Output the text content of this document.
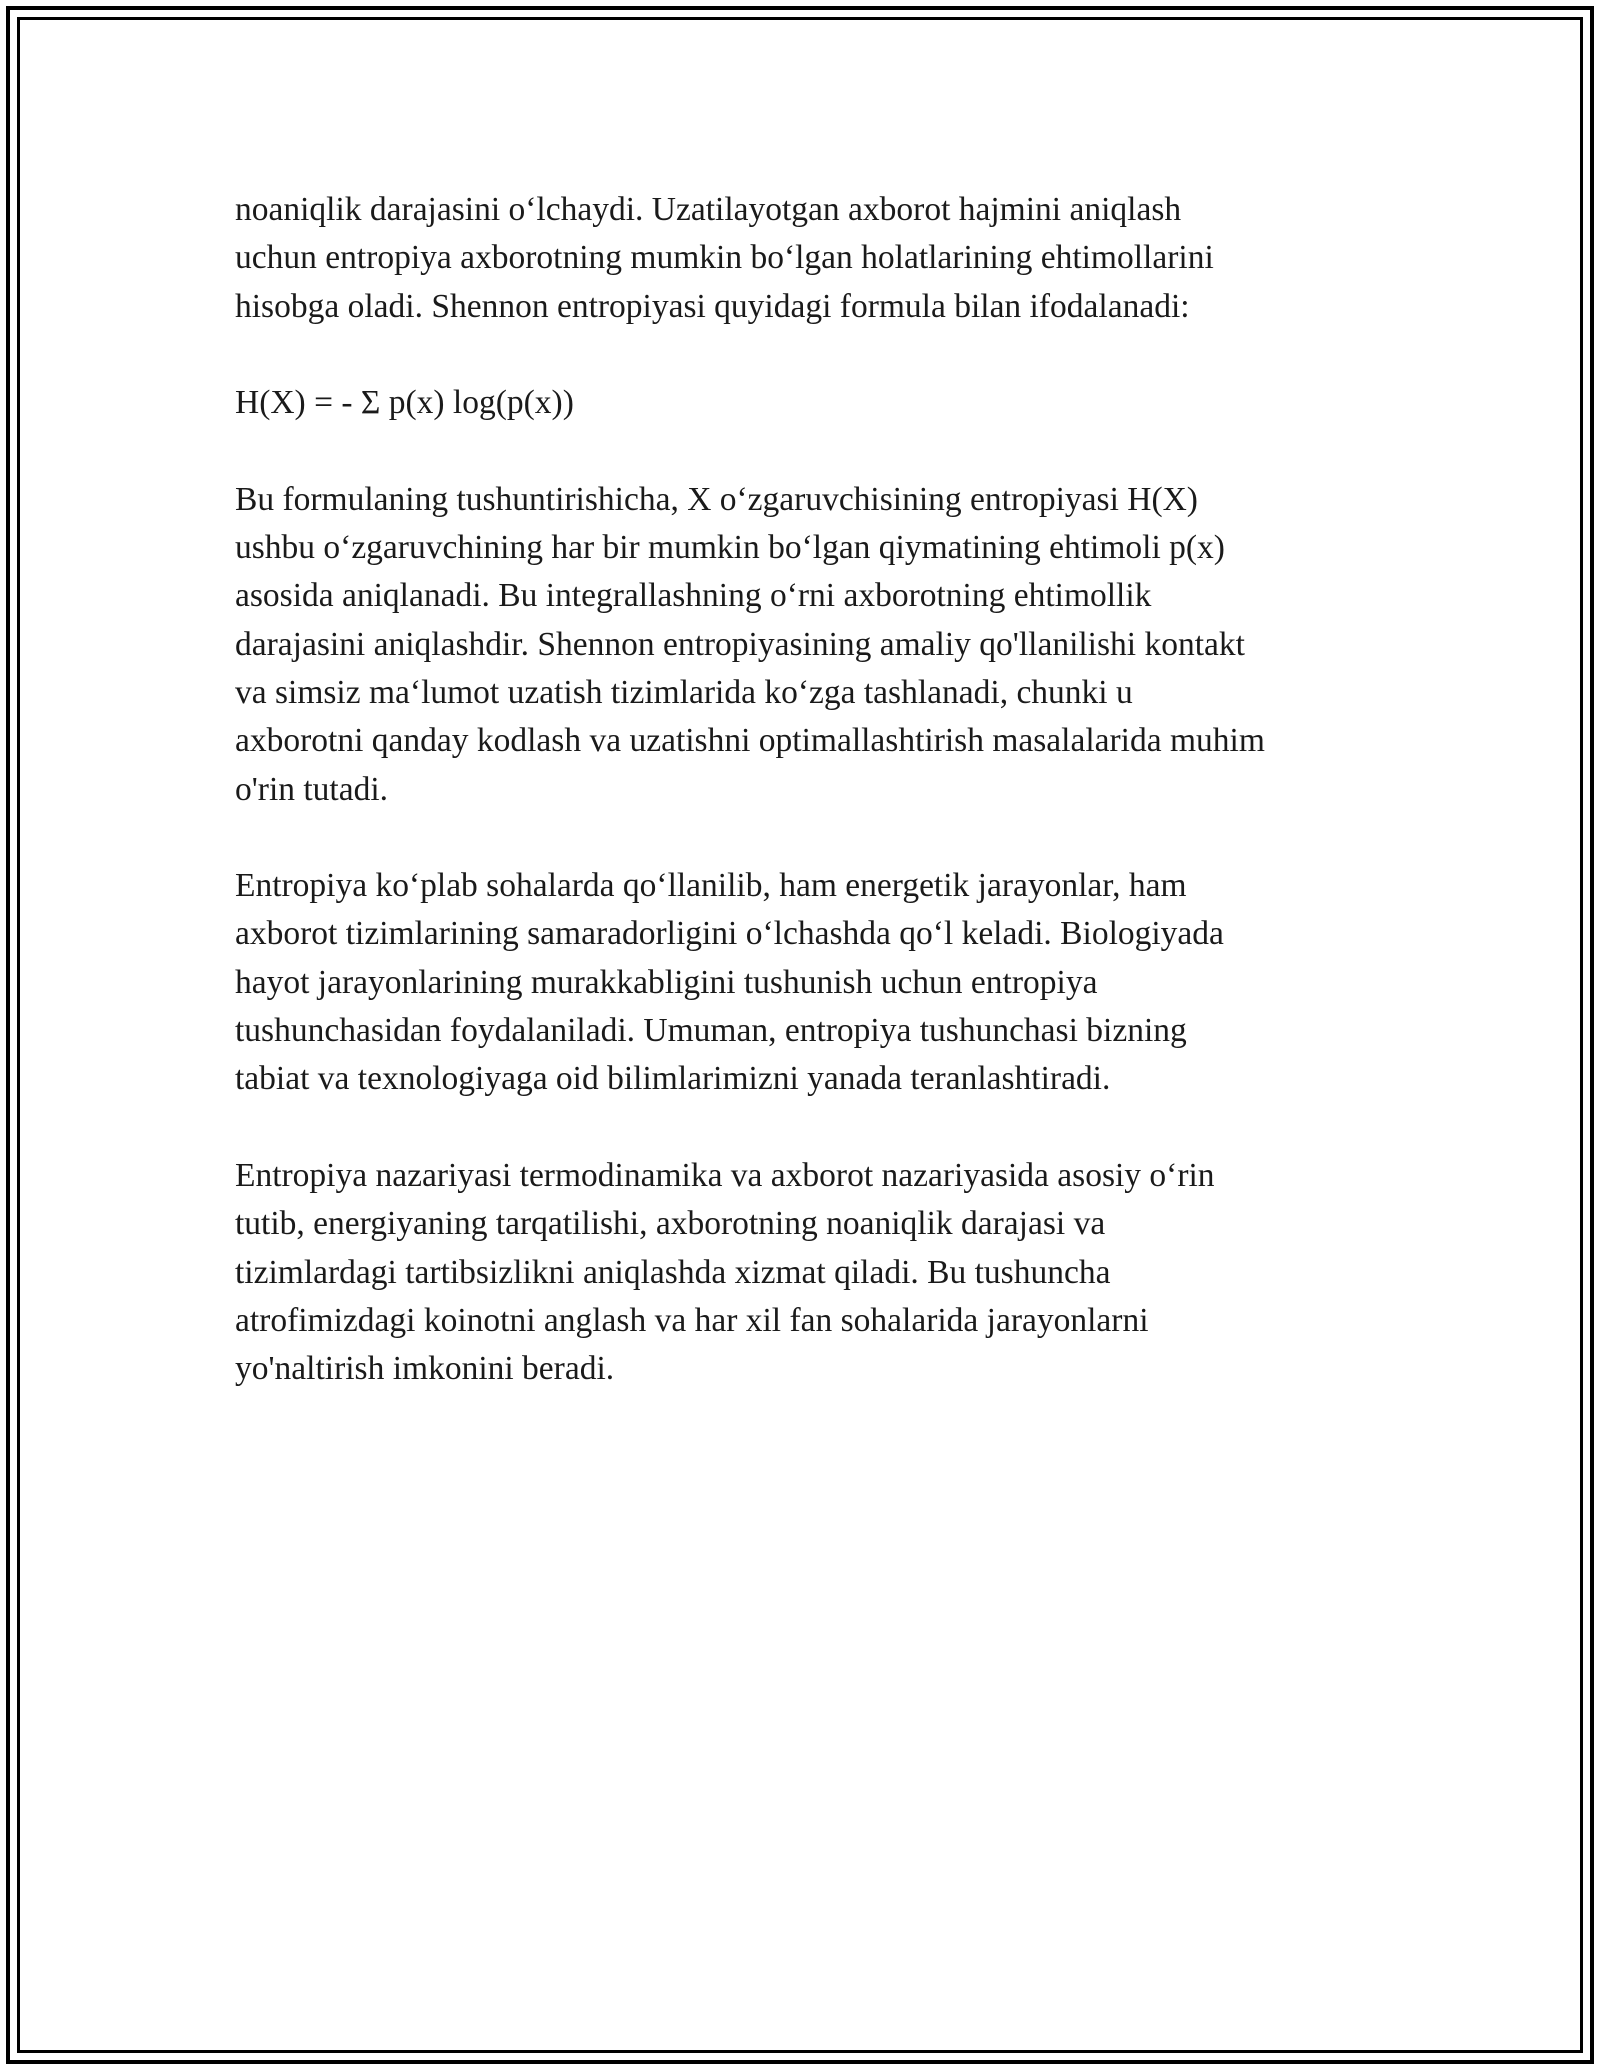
noaniqlik darajasini o‘lchaydi. Uzatilayotgan axborot hajmini aniqlash
uchun entropiya axborotning mumkin bo‘lgan holatlarining ehtimollarini
hisobga oladi. Shennon entropiyasi quyidagi formula bilan ifodalanadi:

H(X) = - Σ p(x) log(p(x))

Bu formulaning tushuntirishicha, X o‘zgaruvchisining entropiyasi H(X)
ushbu o‘zgaruvchining har bir mumkin bo‘lgan qiymatining ehtimoli p(x)
asosida aniqlanadi. Bu integrallashning o‘rni axborotning ehtimollik
darajasini aniqlashdir. Shennon entropiyasining amaliy qo'llanilishi kontakt
va simsiz ma‘lumot uzatish tizimlarida ko‘zga tashlanadi, chunki u
axborotni qanday kodlash va uzatishni optimallashtirish masalalarida muhim
o'rin tutadi.

Entropiya ko‘plab sohalarda qo‘llanilib, ham energetik jarayonlar, ham
axborot tizimlarining samaradorligini o‘lchashda qo‘l keladi. Biologiyada
hayot jarayonlarining murakkabligini tushunish uchun entropiya
tushunchasidan foydalaniladi. Umuman, entropiya tushunchasi bizning
tabiat va texnologiyaga oid bilimlarimizni yanada teranlashtiradi.

Entropiya nazariyasi termodinamika va axborot nazariyasida asosiy o‘rin
tutib, energiyaning tarqatilishi, axborotning noaniqlik darajasi va
tizimlardagi tartibsizlikni aniqlashda xizmat qiladi. Bu tushuncha
atrofimizdagi koinotni anglash va har xil fan sohalarida jarayonlarni
yo'naltirish imkonini beradi.
